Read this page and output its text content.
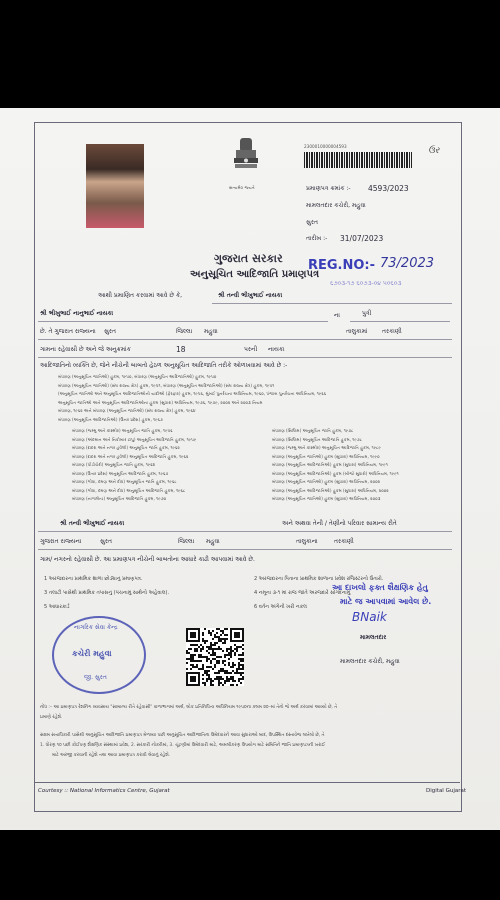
સત્યમેવ જયતે
2300010000004593	ઉર
પ્રમાણપત્ર ક્રમાંક :- 4593/2023
મામલતદાર કચેરી, મહુવા
સુરત
તારીખ :- 31/07/2023
ગુજરાત સરકાર
અનુસૂચિત આદિજાતિ પ્રમાણપત્ર
REG.NO:- 73/2023
૬૭૦૩-૧૭ ૬૦૭૩-૦૪ ૫૦૬૦૩
આથી પ્રમાણિત કરવામાં આવે છે કે,	શ્રી તન્વી ભીખુભાઈ નાયકા
શ્રી ભીખુભાઈ નાનુભાઈ નાયકા	ના	પુત્રી
છે. તે ગુજરાત રાજ્યના સુરત	જિલ્લા મહુવા	તાલુકામાં તરકાણી
ગામના રહેવાસી છે અને જે અનુક્રમાંક	18	પરની નાયકા
આદિજાતિનો વ્યક્તિ છે, જેને નીચેની બાબતો હેઠળ અનુસૂચિત આદિજાતિ તરીકે ઓળખવામાં આવે છે :-
બંધારણ (અનુસૂચિત જાતિઓ) હુકમ, ૧૯૫૦, બંધારણ (અનુસૂચિત આદિજાતિઓ) હુકમ, ૧૯૫૦
બંધારણ (અનુસૂચિત જાતિઓ) (સંઘ રાજ્ય ક્ષેત્ર) હુકમ, ૧૯૫૧, બંધારણ (અનુસૂચિત આદિજાતિઓ) (સંઘ રાજ્ય ક્ષેત્ર) હુકમ, ૧૯૫૧
(અનુસૂચિત જાતિઓ અને અનુસૂચિત આદિજાતિઓની યાદીઓ (ફેરફાર) હુકમ, ૧૯૫૬, મુંબઈ પુનર્રચના અધિનિયમ, ૧૯૬૦, પંજાબ પુનર્રચના અધિનિયમ, ૧૯૬૬
અનુસૂચિત જાતિઓ અને અનુસૂચિત આદિજાતિઓના હુકમ (સુધારા) અધિનિયમ, ૧૯૭૬, ૧૯૭૯, ૨૦૦૨ અને ૨૦૦૩ નિયમ
બંધારણ, ૧૯૬૨ અને બંધારણ (અનુસૂચિત જાતિઓ) (સંઘ રાજ્ય ક્ષેત્ર) હુકમ, ૧૯૬૪
બંધારણ (અનુસૂચિત આદિજાતિઓ) (ઉત્તર પ્રદેશ) હુકમ, ૧૯૬૭
બંધારણ (જમ્મુ અને કાશ્મીર) અનુસૂચિત જાતિ હુકમ, ૧૯૫૬
બંધારણ (અંદમાન અને નિકોબાર ટાપુ) અનુસૂચિત આદિજાતિ હુકમ, ૧૯૫૯
બંધારણ (દાદરા અને નગર હવેલી) અનુસૂચિત જાતિ હુકમ, ૧૯૬૨
બંધારણ (દાદરા અને નગર હવેલી) અનુસૂચિત આદિજાતિ હુકમ, ૧૯૬૨
બંધારણ (પોંડીચેરી) અનુસૂચિત જાતિ હુકમ, ૧૯૬૪
બંધારણ (ઉત્તર પ્રદેશ) અનુસૂચિત આદિજાતિ હુકમ, ૧૯૬૭
બંધારણ (ગોવા, દમણ અને દીવ) અનુસૂચિત જાતિ હુકમ, ૧૯૬૮
બંધારણ (ગોવા, દમણ અને દીવ) અનુસૂચિત આદિજાતિ હુકમ, ૧૯૬૮
બંધારણ (નાગાલેન્ડ) અનુસૂચિત આદિજાતિ હુકમ, ૧૯૭૦
બંધારણ (સિક્કિમ) અનુસૂચિત જાતિ હુકમ, ૧૯૭૮
બંધારણ (સિક્કિમ) અનુસૂચિત આદિજાતિ હુકમ, ૧૯૭૮
બંધારણ (જમ્મુ અને કાશ્મીર) અનુસૂચિત આદિજાતિ હુકમ, ૧૯૮૯
બંધારણ (અનુસૂચિત જાતિઓ) હુકમ (સુધારા) અધિનિયમ, ૧૯૯૦
બંધારણ (અનુસૂચિત આદિજાતિઓ) હુકમ (સુધારા) અધિનિયમ, ૧૯૯૧
બંધારણ (અનુસૂચિત આદિજાતિઓ) હુકમ (બીજો સુધારો) અધિનિયમ, ૧૯૯૧
બંધારણ (અનુસૂચિત જાતિઓ) હુકમ (સુધારા) અધિનિયમ, ૨૦૦૨
બંધારણ (અનુસૂચિત આદિજાતિઓ) હુકમ (સુધારા) અધિનિયમ, ૨૦૦૨
બંધારણ (અનુસૂચિત જાતિઓ) હુકમ (સુધારા) અધિનિયમ, ૨૦૦૩
શ્રી તન્વી ભીખુભાઈ નાયકા	અને અથવા તેની / તેણીનો પરિવાર સામાન્ય રીતે
ગુજરાત રાજ્યના	સુરત	જિલ્લા મહુવા	તાલુકાના	તરકાણી
ગામ/ નગરનો રહેવાસી છે. આ પ્રમાણપત્ર નીચેની બાબતોના આધારે કાઢી આપવામાં આવે છે.
1 અરજદારના પ્રાથમિક શાળા છોડ્યાનું પ્રમાણપત્ર.	2 અરજદારના પિતાના પ્રાથમિક શાળાના પ્રવેશ રજિસ્ટરનો ઉતારો.
3 તલાટી પાસેથી પ્રાથમિક તપાસનું (પંચનામું સાથેનો અહેવાલ).	4 નમૂના ૩-૧ માં રાજ જાતે અરજદારે સોગંદનામું
5 આધારકાર્ડ	6 વર્તન અંગેની ખરી નકલ
આ દાખલો ફક્ત શૈક્ષણિક હેતુ
માટે જ આપવામાં આવેલ છે.
નાગરિક સેવા કેન્દ્ર
કચેરી મહુવા
જી. સુરત
BNaik
મામલતદાર
મામલતદાર કચેરી, મહુવા
નોંધ :– આ પ્રમાણપત્ર રેશનિંગ વ્યવસાય "સામાન્ય રીતે રહેવાસી" વાળાભાગમાં અર્થ, લોક પ્રતિનિધિત્વ અધિનિયમ ૧૯૫૦ના કલમ ૨૦–માં તેનો જે અર્થ કરવામાં આવ્યો છે, તે
પ્રમાણે રહેશે.
સક્ષમ સત્તાધિકારી પાસેથી અનુસૂચિત આદિજાતિ પ્રમાણપત્ર મેળવ્યા પછી અનુસૂચિત આદિજાતિના ઉમેદવારને આવા સુધારાઓ બાદ, ઉપસ્થિત દસ્તાવેજ લખેલો છે, તે
1. ધોરણ ૧૦ પછી કોઈપણ શૈક્ષણિક સંસ્થામાં પ્રવેશ, 2. સરકારી નોકરીમાં, 3. ચૂંટણીમાં ઉમેદવારી માટે, અમલીકરણ ઉપયોગ માટે સમિતિને જાતિ પ્રમાણપત્રની ખરાઈ
માટે અરજી કરવાની રહેશે તથા આવા પ્રમાણપત્ર કરાવી લેવાનું રહેશે.
Courtesy :: National Informatics Centre, Gujarat	Digital Gujarat
